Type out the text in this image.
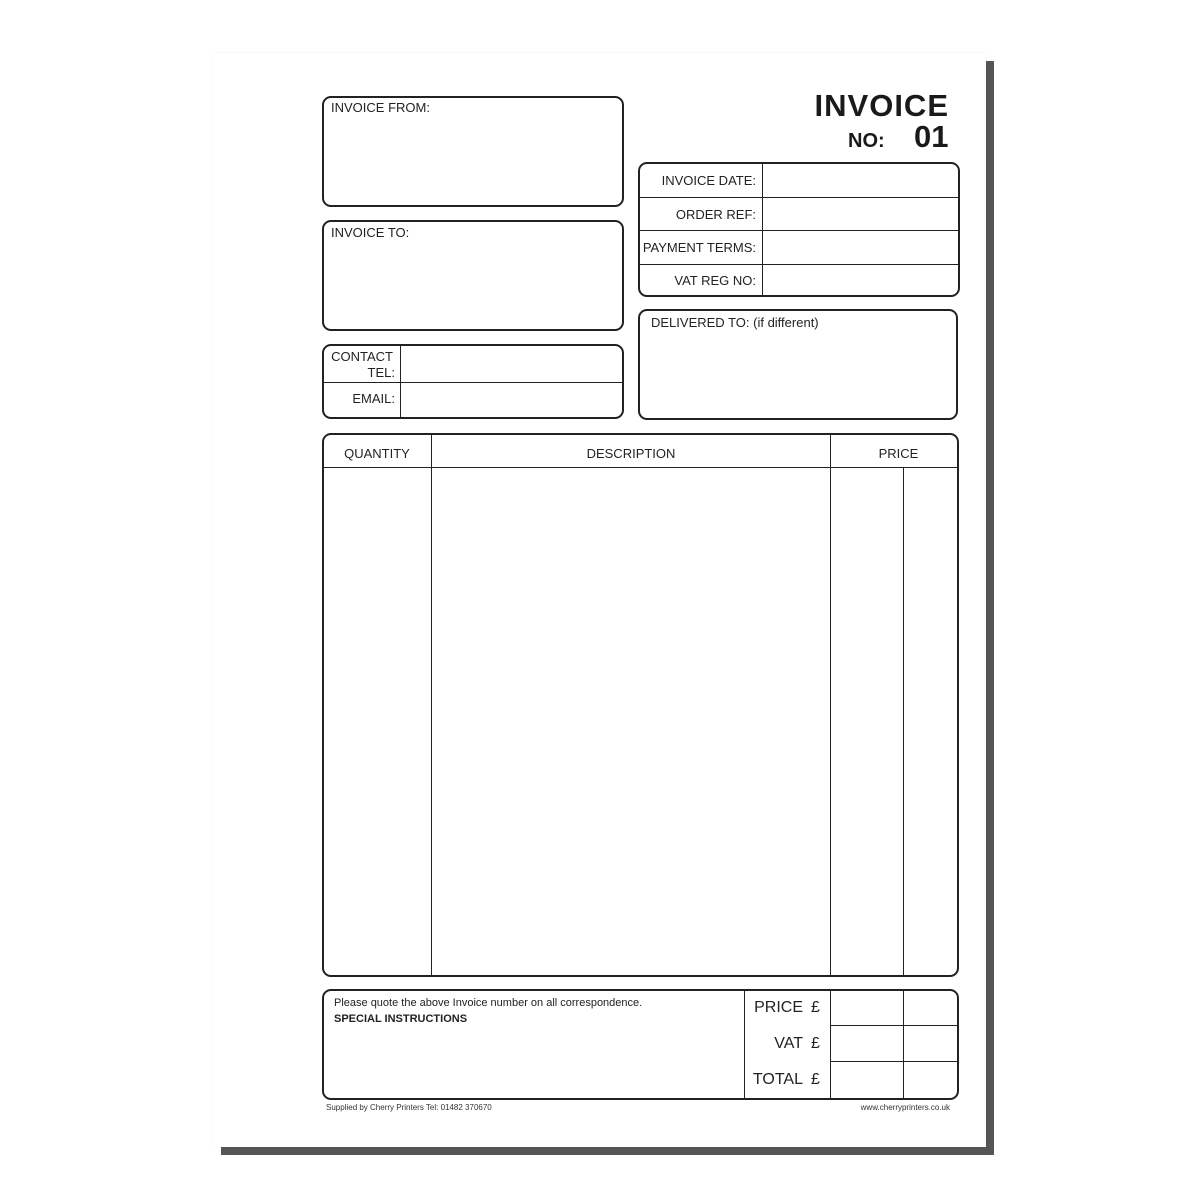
INVOICE
NO: 01
INVOICE FROM:
INVOICE TO:
CONTACT
TEL:
EMAIL:
INVOICE DATE:
ORDER REF:
PAYMENT TERMS:
VAT REG NO:
DELIVERED TO: (if different)
QUANTITY	DESCRIPTION	PRICE
Please quote the above Invoice number on all correspondence.
SPECIAL INSTRUCTIONS
PRICE £
VAT £
TOTAL £
Supplied by Cherry Printers Tel: 01482 370670	www.cherryprinters.co.uk
